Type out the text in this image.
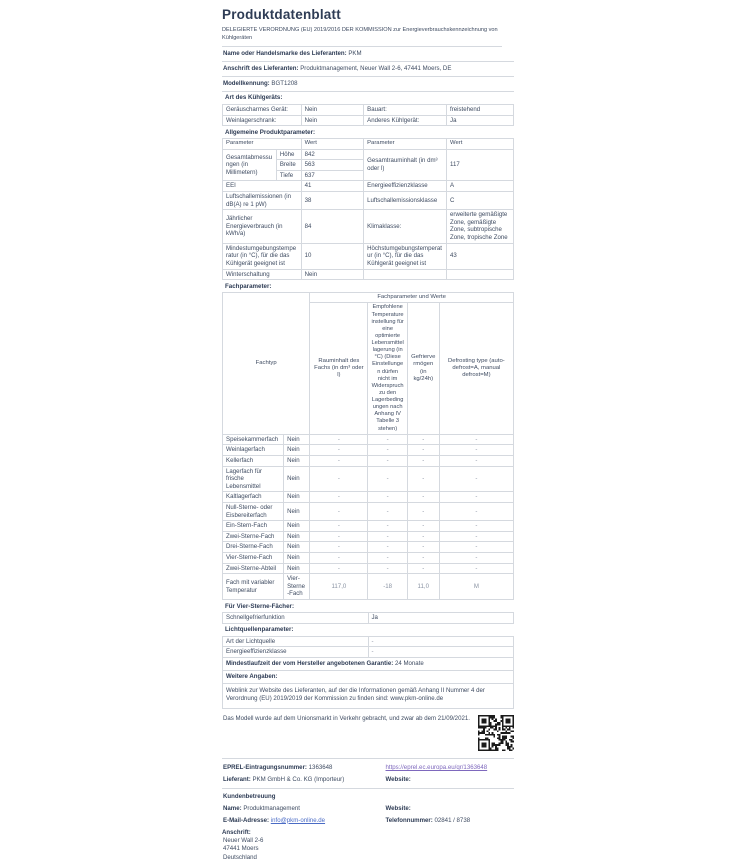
Produktdatenblatt

DELEGIERTE VERORDNUNG (EU) 2019/2016 DER KOMMISSION zur Energieverbrauchskennzeichnung von Kühlgeräten

Name oder Handelsmarke des Lieferanten: PKM
Anschrift des Lieferanten: Produktmanagement, Neuer Wall 2-6, 47441 Moers, DE
Modellkennung: BGT1208
Art des Kühlgeräts:
Geräuscharmes Gerät:	Nein	Bauart:	freistehend
Weinlagerschrank:	Nein	Anderes Kühlgerät:	Ja
Allgemeine Produktparameter:
Parameter		Wert	Parameter	Wert
Gesamtabmessungen (in Millimetern)	Höhe	842	Gesamtrauminhalt (in dm³ oder l)	117
	Breite	563		
	Tiefe	637		
EEI		41	Energieeffizienzklasse	A
Luftschallemissionen (in dB(A) re 1 pW)		38	Luftschallemissionsklasse	C
Jährlicher Energieverbrauch (in kWh/a)		84	Klimaklasse:	erweiterte gemäßigte Zone, gemäßigte Zone, subtropische Zone, tropische Zone
Mindestumgebungstemperatur (in °C), für die das Kühlgerät geeignet ist		10	Höchstumgebungstemperatur (in °C), für die das Kühlgerät geeignet ist	43
Winterschaltung		Nein		
Fachparameter:
Fachtyp		Fachparameter und Werte			
		Rauminhalt des Fachs (in dm³ oder l)	Empfohlene Temperatureinstellung für eine optimierte Lebensmittellagerung (in °C) (Diese Einstellungen dürfen nicht im Widerspruch zu den Lagerbedingungen nach Anhang IV Tabelle 3 stehen)	Gefriervermögen (in kg/24h)	Defrosting type (auto-defrost=A, manual defrost=M)
Speisekammerfach	Nein	-	-	-	-
Weinlagerfach	Nein	-	-	-	-
Kellerfach	Nein	-	-	-	-
Lagerfach für frische Lebensmittel	Nein	-	-	-	-
Kaltlagerfach	Nein	-	-	-	-
Null-Sterne- oder Eisbereiterfach	Nein	-	-	-	-
Ein-Stern-Fach	Nein	-	-	-	-
Zwei-Sterne-Fach	Nein	-	-	-	-
Drei-Sterne-Fach	Nein	-	-	-	-
Vier-Sterne-Fach	Nein	-	-	-	-
Zwei-Sterne-Abteil	Nein	-	-	-	-
Fach mit variabler Temperatur	Vier-Sterne-Fach	117,0	-18	11,0	M
Für Vier-Sterne-Fächer:
Schnellgefrierfunktion	Ja
Lichtquellenparameter:
Art der Lichtquelle	-
Energieeffizienzklasse	-
Mindestlaufzeit der vom Hersteller angebotenen Garantie: 24 Monate
Weitere Angaben:
Weblink zur Website des Lieferanten, auf der die Informationen gemäß Anhang II Nummer 4 der Verordnung (EU) 2019/2019 der Kommission zu finden sind: www.pkm-online.de

Das Modell wurde auf dem Unionsmarkt in Verkehr gebracht, und zwar ab dem 21/09/2021.

EPREL-Eintragungsnummer: 1363648	https://eprel.ec.europa.eu/qr/1363648
Lieferant: PKM GmbH & Co. KG (Importeur)	Website:
Kundenbetreuung
Name: Produktmanagement	Website:
E-Mail-Adresse: info@pkm-online.de	Telefonnummer: 02841 / 8738
Anschrift:
Neuer Wall 2-6
47441 Moers
Deutschland
